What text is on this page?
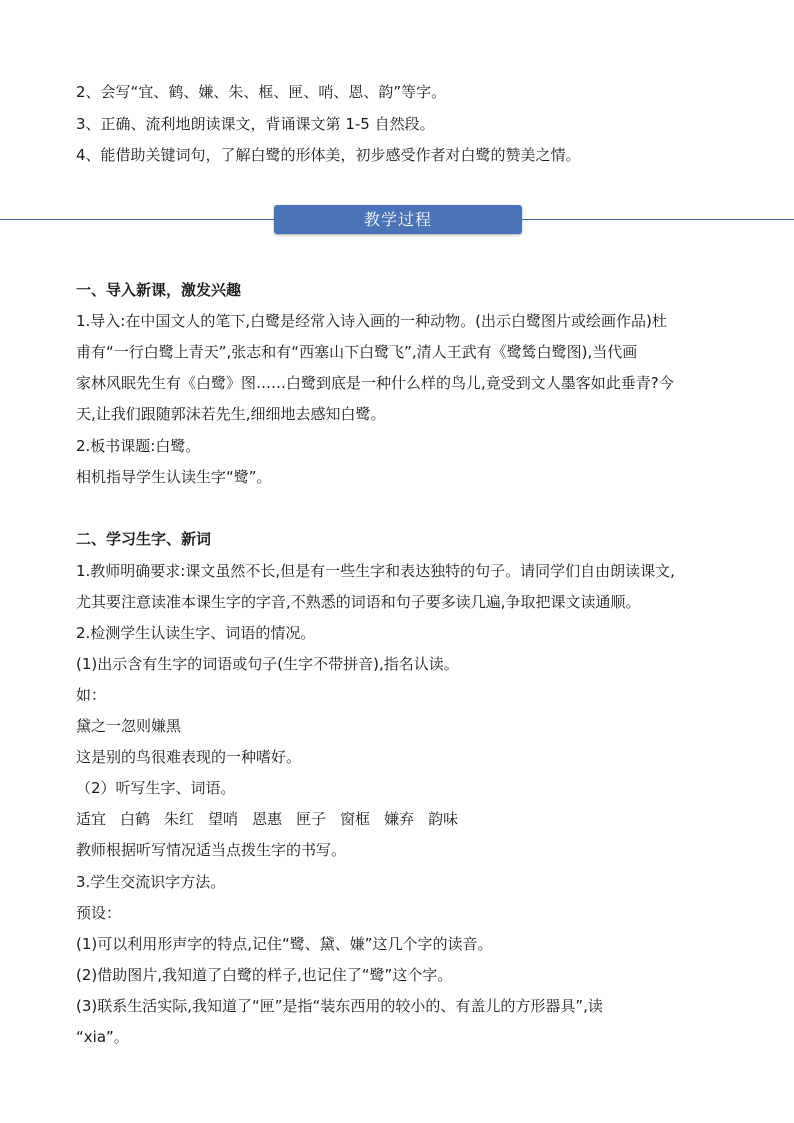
2、会写“宜、鹤、嫌、朱、框、匣、哨、恩、韵”等字。
3、正确、流利地朗读课文，背诵课文第 1-5 自然段。
4、能借助关键词句，了解白鹭的形体美，初步感受作者对白鹭的赞美之情。
教学过程
一、导入新课，激发兴趣
1.导入:在中国文人的笔下,白鹭是经常入诗入画的一种动物。(出示白鹭图片或绘画作品)杜
甫有“一行白鹭上青天”,张志和有“西塞山下白鹭飞”,清人王武有《鹭鸶白鹭图),当代画
家林风眠先生有《白鹭》图……白鹭到底是一种什么样的鸟儿,竟受到文人墨客如此垂青?今
天,让我们跟随郭沫若先生,细细地去感知白鹭。
2.板书课题:白鹭。
相机指导学生认读生字“鹭”。
二、学习生字、新词
1.教师明确要求:课文虽然不长,但是有一些生字和表达独特的句子。请同学们自由朗读课文,
尤其要注意读准本课生字的字音,不熟悉的词语和句子要多读几遍,争取把课文读通顺。
2.检测学生认读生字、词语的情况。
(1)出示含有生字的词语或句子(生字不带拼音),指名认读。
如：
黛之一忽则嫌黑
这是别的鸟很难表现的一种嗜好。
（2）听写生字、词语。
适宜 白鹤 朱红 望哨 恩惠 匣子 窗框 嫌弃 韵味
教师根据听写情况适当点拨生字的书写。
3.学生交流识字方法。
预设：
(1)可以利用形声字的特点,记住“鹭、黛、嫌”这几个字的读音。
(2)借助图片,我知道了白鹭的样子,也记住了“鹭”这个字。
(3)联系生活实际,我知道了“匣”是指“装东西用的较小的、有盖儿的方形器具”,读
“xia”。
